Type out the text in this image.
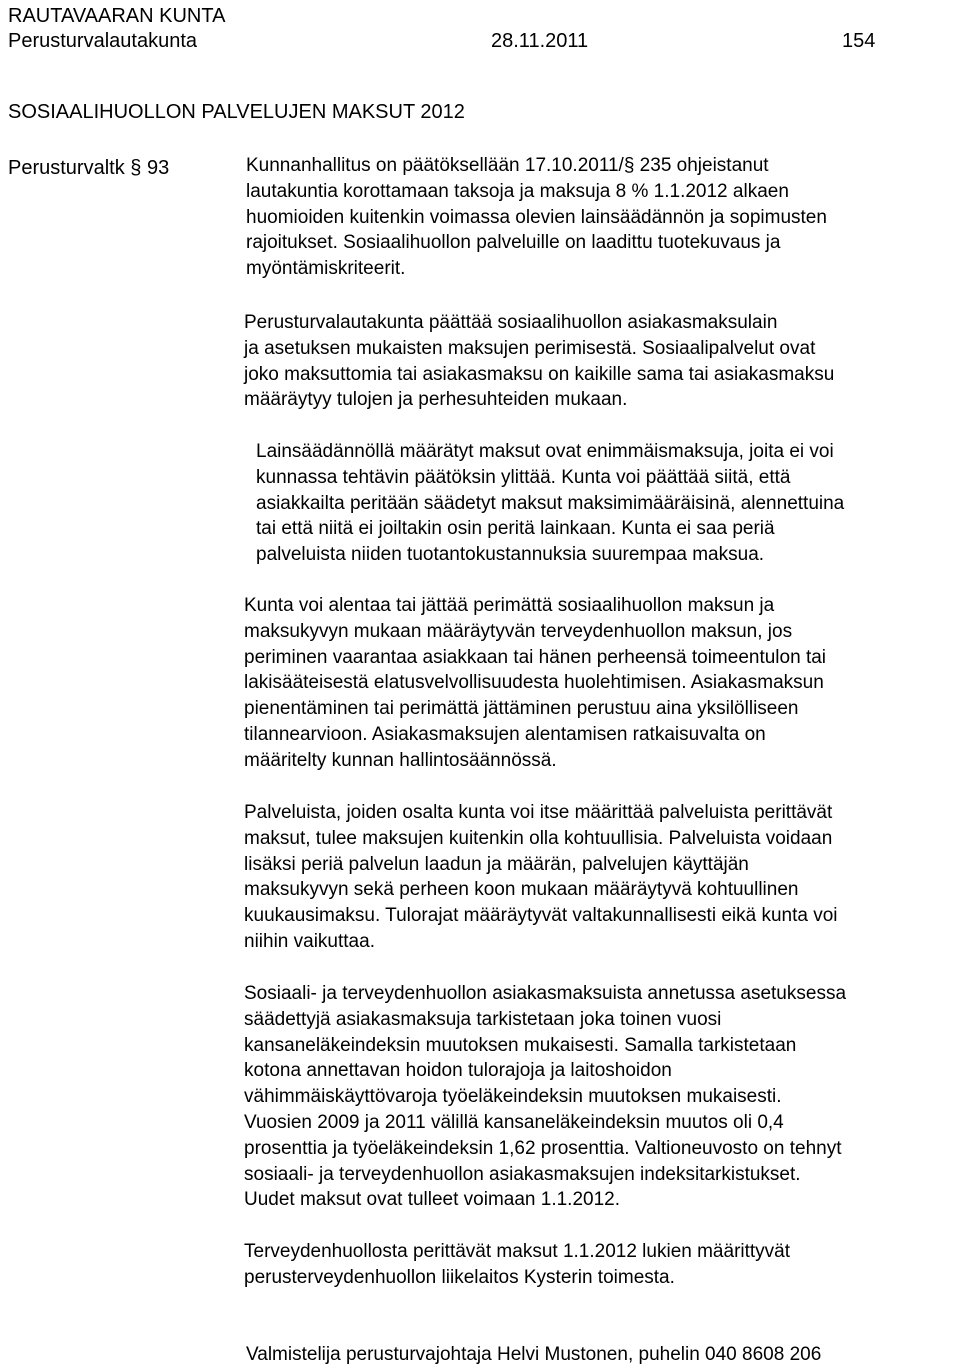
RAUTAVAARAN KUNTA
Perusturvalautakunta	28.11.2011	154
SOSIAALIHUOLLON PALVELUJEN MAKSUT 2012
Perusturvaltk § 93	Kunnanhallitus on päätöksellään 17.10.2011/§ 235 ohjeistanut
lautakuntia korottamaan taksoja ja maksuja 8 % 1.1.2012 alkaen
huomioiden kuitenkin voimassa olevien lainsäädännön ja sopimusten
rajoitukset. Sosiaalihuollon palveluille on laadittu tuotekuvaus ja
myöntämiskriteerit.
Perusturvalautakunta päättää sosiaalihuollon asiakasmaksulain
ja asetuksen mukaisten maksujen perimisestä. Sosiaalipalvelut ovat
joko maksuttomia tai asiakasmaksu on kaikille sama tai asiakasmaksu
määräytyy tulojen ja perhesuhteiden mukaan.
Lainsäädännöllä määrätyt maksut ovat enimmäismaksuja, joita ei voi
kunnassa tehtävin päätöksin ylittää. Kunta voi päättää siitä, että
asiakkailta peritään säädetyt maksut maksimimääräisinä, alennettuina
tai että niitä ei joiltakin osin peritä lainkaan. Kunta ei saa periä
palveluista niiden tuotantokustannuksia suurempaa maksua.
Kunta voi alentaa tai jättää perimättä sosiaalihuollon maksun ja
maksukyvyn mukaan määräytyvän terveydenhuollon maksun, jos
periminen vaarantaa asiakkaan tai hänen perheensä toimeentulon tai
lakisääteisestä elatusvelvollisuudesta huolehtimisen. Asiakasmaksun
pienentäminen tai perimättä jättäminen perustuu aina yksilölliseen
tilannearvioon. Asiakasmaksujen alentamisen ratkaisuvalta on
määritelty kunnan hallintosäännössä.
Palveluista, joiden osalta kunta voi itse määrittää palveluista perittävät
maksut, tulee maksujen kuitenkin olla kohtuullisia. Palveluista voidaan
lisäksi periä palvelun laadun ja määrän, palvelujen käyttäjän
maksukyvyn sekä perheen koon mukaan määräytyvä kohtuullinen
kuukausimaksu. Tulorajat määräytyvät valtakunnallisesti eikä kunta voi
niihin vaikuttaa.
Sosiaali- ja terveydenhuollon asiakasmaksuista annetussa asetuksessa
säädettyjä asiakasmaksuja tarkistetaan joka toinen vuosi
kansaneläkeindeksin muutoksen mukaisesti. Samalla tarkistetaan
kotona annettavan hoidon tulorajoja ja laitoshoidon
vähimmäiskäyttövaroja työeläkeindeksin muutoksen mukaisesti.
Vuosien 2009 ja 2011 välillä kansaneläkeindeksin muutos oli 0,4
prosenttia ja työeläkeindeksin 1,62 prosenttia. Valtioneuvosto on tehnyt
sosiaali- ja terveydenhuollon asiakasmaksujen indeksitarkistukset.
Uudet maksut ovat tulleet voimaan 1.1.2012.
Terveydenhuollosta perittävät maksut 1.1.2012 lukien määrittyvät
perusterveydenhuollon liikelaitos Kysterin toimesta.
Valmistelija perusturvajohtaja Helvi Mustonen, puhelin 040 8608 206
